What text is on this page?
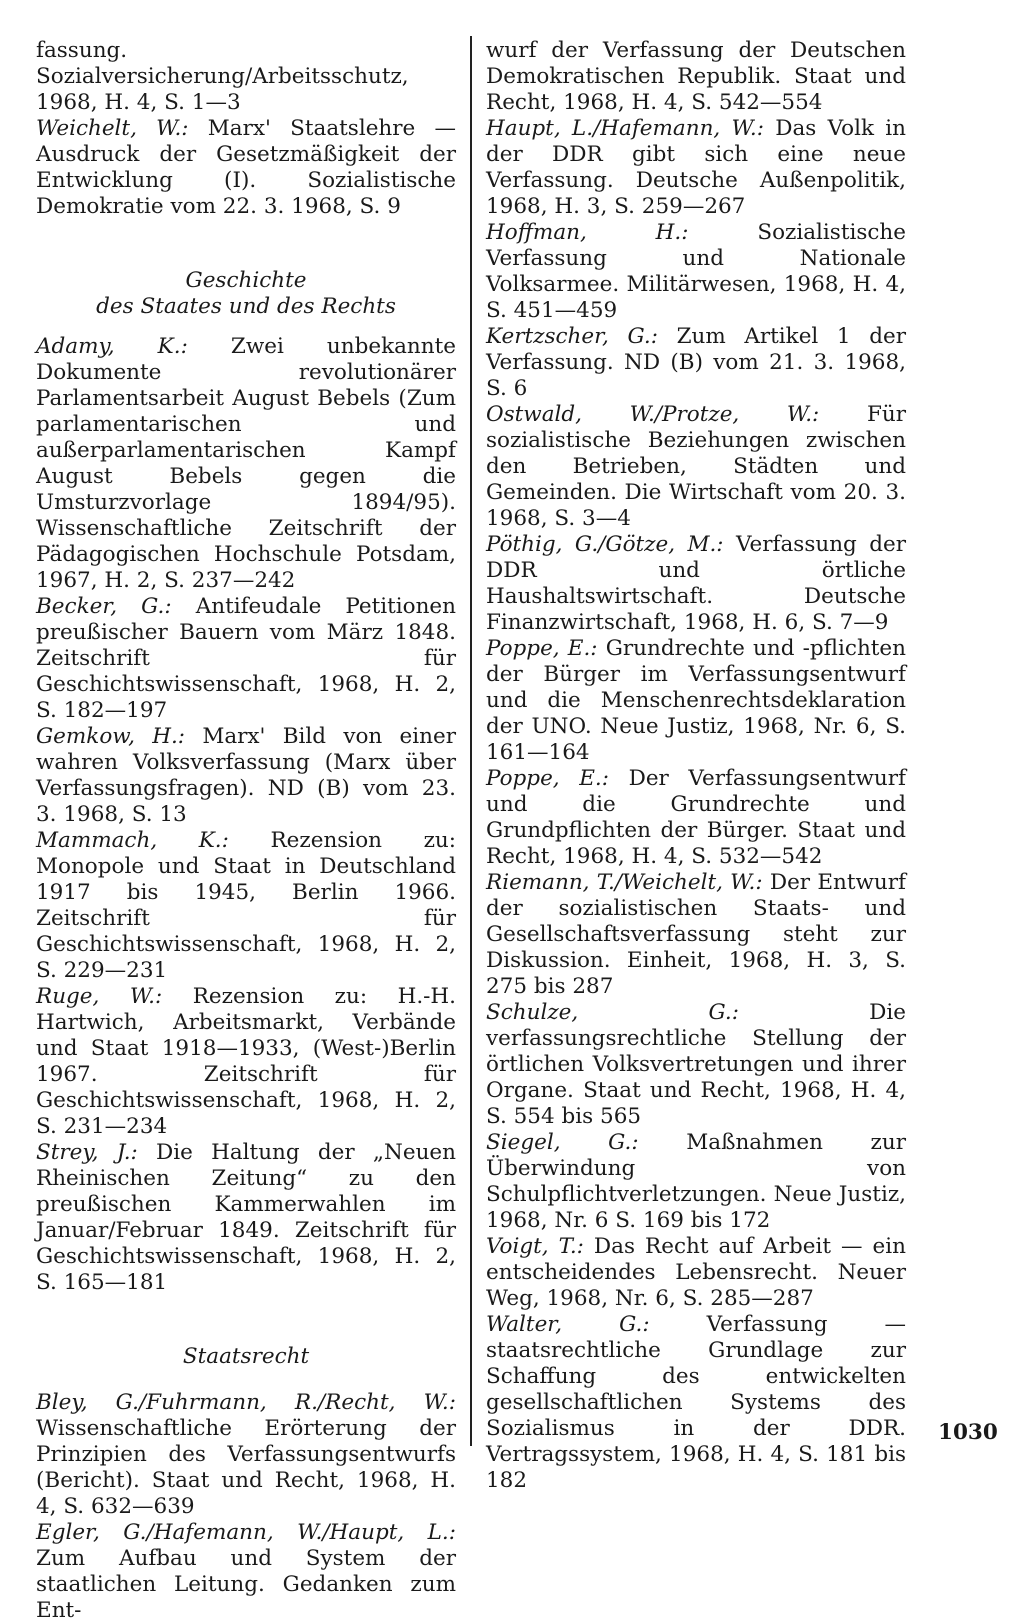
fassung. Sozialversicherung/Arbeitsschutz, 1968, H. 4, S. 1—3
Weichelt, W.: Marx' Staatslehre — Ausdruck der Gesetzmäßigkeit der Entwicklung (I). Sozialistische Demokratie vom 22. 3. 1968, S. 9

Geschichte

des Staates und des Rechts

Adamy, K.: Zwei unbekannte Dokumente revolutionärer Parlamentsarbeit August Bebels (Zum parlamentarischen und außerparlamentarischen Kampf August Bebels gegen die Umsturzvorlage 1894/95). Wissenschaftliche Zeitschrift der Pädagogischen Hochschule Potsdam, 1967, H. 2, S. 237—242
Becker, G.: Antifeudale Petitionen preußischer Bauern vom März 1848. Zeitschrift für Geschichtswissenschaft, 1968, H. 2, S. 182—197
Gemkow, H.: Marx' Bild von einer wahren Volksverfassung (Marx über Verfassungsfragen). ND (B) vom 23. 3. 1968, S. 13
Mammach, K.: Rezension zu: Monopole und Staat in Deutschland 1917 bis 1945, Berlin 1966. Zeitschrift für Geschichtswissenschaft, 1968, H. 2, S. 229—231
Ruge, W.: Rezension zu: H.-H. Hartwich, Arbeitsmarkt, Verbände und Staat 1918—1933, (West-)Berlin 1967. Zeitschrift für Geschichtswissenschaft, 1968, H. 2, S. 231—234
Strey, J.: Die Haltung der „Neuen Rheinischen Zeitung“ zu den preußischen Kammerwahlen im Januar/Februar 1849. Zeitschrift für Geschichtswissenschaft, 1968, H. 2, S. 165—181

Staatsrecht

Bley, G./Fuhrmann, R./Recht, W.: Wissenschaftliche Erörterung der Prinzipien des Verfassungsentwurfs (Bericht). Staat und Recht, 1968, H. 4, S. 632—639
Egler, G./Hafemann, W./Haupt, L.: Zum Aufbau und System der staatlichen Leitung. Gedanken zum Ent-
wurf der Verfassung der Deutschen Demokratischen Republik. Staat und Recht, 1968, H. 4, S. 542—554
Haupt, L./Hafemann, W.: Das Volk in der DDR gibt sich eine neue Verfassung. Deutsche Außenpolitik, 1968, H. 3, S. 259—267
Hoffman, H.: Sozialistische Verfassung und Nationale Volksarmee. Militärwesen, 1968, H. 4, S. 451—459
Kertzscher, G.: Zum Artikel 1 der Verfassung. ND (B) vom 21. 3. 1968, S. 6
Ostwald, W./Protze, W.: Für sozialistische Beziehungen zwischen den Betrieben, Städten und Gemeinden. Die Wirtschaft vom 20. 3. 1968, S. 3—4
Pöthig, G./Götze, M.: Verfassung der DDR und örtliche Haushaltswirtschaft. Deutsche Finanzwirtschaft, 1968, H. 6, S. 7—9
Poppe, E.: Grundrechte und -pflichten der Bürger im Verfassungsentwurf und die Menschenrechtsdeklaration der UNO. Neue Justiz, 1968, Nr. 6, S. 161—164
Poppe, E.: Der Verfassungsentwurf und die Grundrechte und Grundpflichten der Bürger. Staat und Recht, 1968, H. 4, S. 532—542
Riemann, T./Weichelt, W.: Der Entwurf der sozialistischen Staats- und Gesellschaftsverfassung steht zur Diskussion. Einheit, 1968, H. 3, S. 275 bis 287
Schulze, G.: Die verfassungsrechtliche Stellung der örtlichen Volksvertretungen und ihrer Organe. Staat und Recht, 1968, H. 4, S. 554 bis 565
Siegel, G.: Maßnahmen zur Überwindung von Schulpflichtverletzungen. Neue Justiz, 1968, Nr. 6 S. 169 bis 172
Voigt, T.: Das Recht auf Arbeit — ein entscheidendes Lebensrecht. Neuer Weg, 1968, Nr. 6, S. 285—287
Walter, G.: Verfassung — staatsrechtliche Grundlage zur Schaffung des entwickelten gesellschaftlichen Systems des Sozialismus in der DDR. Vertragssystem, 1968, H. 4, S. 181 bis 182
1030
